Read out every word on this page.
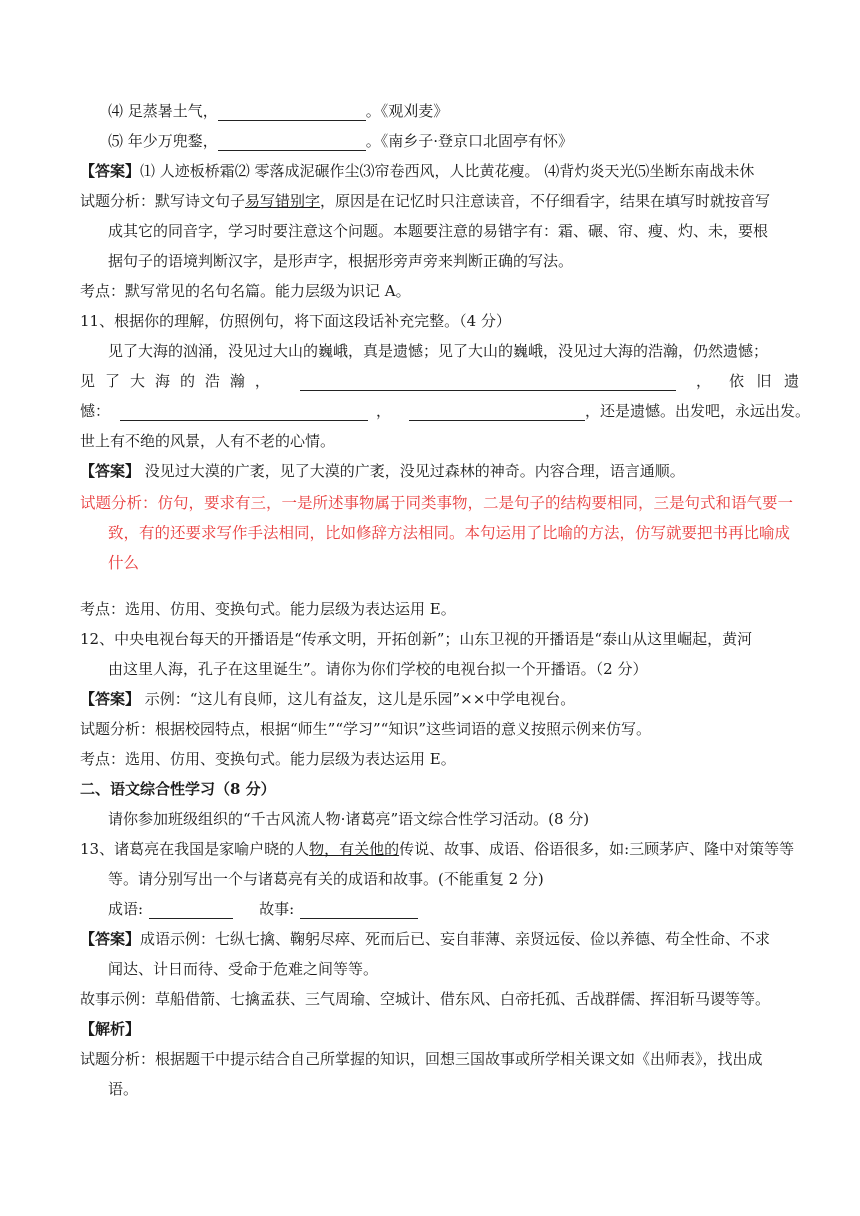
⑷ 足蒸暑土气，	。《观刈麦》
⑸ 年少万兜鍪，	。《南乡子·登京口北固亭有怀》
【答案】⑴ 人迹板桥霜⑵ 零落成泥碾作尘⑶帘卷西风，人比黄花瘦。 ⑷背灼炎天光⑸坐断东南战未休
试题分析：默写诗文句子易写错别字，原因是在记忆时只注意读音，不仔细看字，结果在填写时就按音写
成其它的同音字，学习时要注意这个问题。本题要注意的易错字有：霜、碾、帘、瘦、灼、未，要根
据句子的语境判断汉字，是形声字，根据形旁声旁来判断正确的写法。
考点：默写常见的名句名篇。能力层级为识记 A。
11、根据你的理解，仿照例句，将下面这段话补充完整。（4 分）
见了大海的汹涌，没见过大山的巍峨，真是遗憾；见了大山的巍峨，没见过大海的浩瀚，仍然遗憾；
见 了 大 海 的 浩 瀚 ，	， 依 旧 遗
憾：	，	，还是遗憾。出发吧，永远出发。
世上有不绝的风景，人有不老的心情。
【答案】 没见过大漠的广袤，见了大漠的广袤，没见过森林的神奇。内容合理，语言通顺。
试题分析：仿句，要求有三，一是所述事物属于同类事物，二是句子的结构要相同，三是句式和语气要一
致，有的还要求写作手法相同，比如修辞方法相同。本句运用了比喻的方法，仿写就要把书再比喻成
什么
考点：选用、仿用、变换句式。能力层级为表达运用 E。
12、中央电视台每天的开播语是“传承文明，开拓创新”；山东卫视的开播语是“泰山从这里崛起，黄河
由这里人海，孔子在这里诞生”。请你为你们学校的电视台拟一个开播语。（2 分）
【答案】 示例：“这儿有良师，这儿有益友，这儿是乐园”××中学电视台。
试题分析：根据校园特点，根据“师生”“学习”“知识”这些词语的意义按照示例来仿写。
考点：选用、仿用、变换句式。能力层级为表达运用 E。
二、语文综合性学习（8 分）
请你参加班级组织的“千古风流人物·诸葛亮”语文综合性学习活动。(8 分)
13、诸葛亮在我国是家喻户晓的人物，有关他的传说、故事、成语、俗语很多，如:三顾茅庐、隆中对策等等
等。请分别写出一个与诸葛亮有关的成语和故事。(不能重复 2 分)
成语:	故事:
【答案】成语示例：七纵七擒、鞠躬尽瘁、死而后已、妄自菲薄、亲贤远佞、俭以养德、苟全性命、不求
闻达、计日而待、受命于危难之间等等。
故事示例：草船借箭、七擒孟获、三气周瑜、空城计、借东风、白帝托孤、舌战群儒、挥泪斩马谡等等。
【解析】
试题分析：根据题干中提示结合自己所掌握的知识，回想三国故事或所学相关课文如《出师表》，找出成
语。
